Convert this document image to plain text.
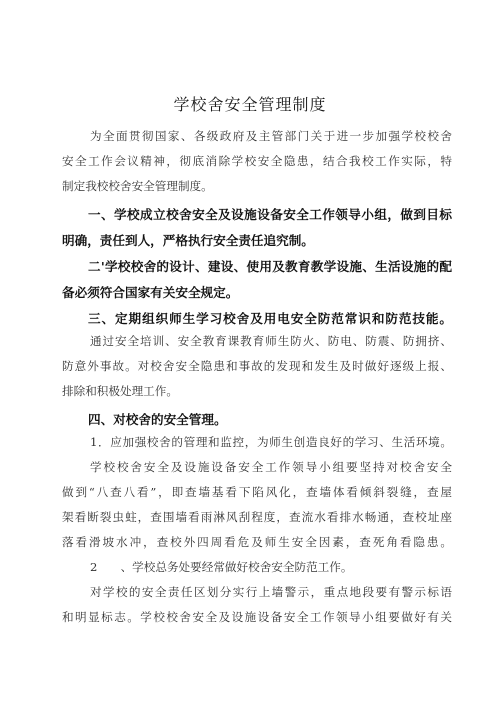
学校舍安全管理制度
为全面贯彻国家、各级政府及主管部门关于进一步加强学校校舍
安全工作会议精神，彻底消除学校安全隐患，结合我校工作实际，特
制定我校校舍安全管理制度。
一、学校成立校舍安全及设施设备安全工作领导小组，做到目标
明确，责任到人，严格执行安全责任追究制。
二'学校校舍的设计、建设、使用及教育教学设施、生活设施的配
备必须符合国家有关安全规定。
三、定期组织师生学习校舍及用电安全防范常识和防范技能。
通过安全培训、安全教育课教育师生防火、防电、防震、防拥挤、
防意外事故。对校舍安全隐患和事故的发现和发生及时做好逐级上报、
排除和积极处理工作。
四、对校舍的安全管理。
1．应加强校舍的管理和监控，为师生创造良好的学习、生活环境。
学校校舍安全及设施设备安全工作领导小组要坚持对校舍安全
做到“八查八看”，即查墙基看下陷风化，查墙体看倾斜裂缝，查屋
架看断裂虫蛀，查围墙看雨淋风刮程度，查流水看排水畅通，查校址座
落看滑坡水冲，查校外四周看危及师生安全因素，查死角看隐患。
2　　、学校总务处要经常做好校舍安全防范工作。
对学校的安全责任区划分实行上墙警示，重点地段要有警示标语
和明显标志。学校校舍安全及设施设备安全工作领导小组要做好有关
